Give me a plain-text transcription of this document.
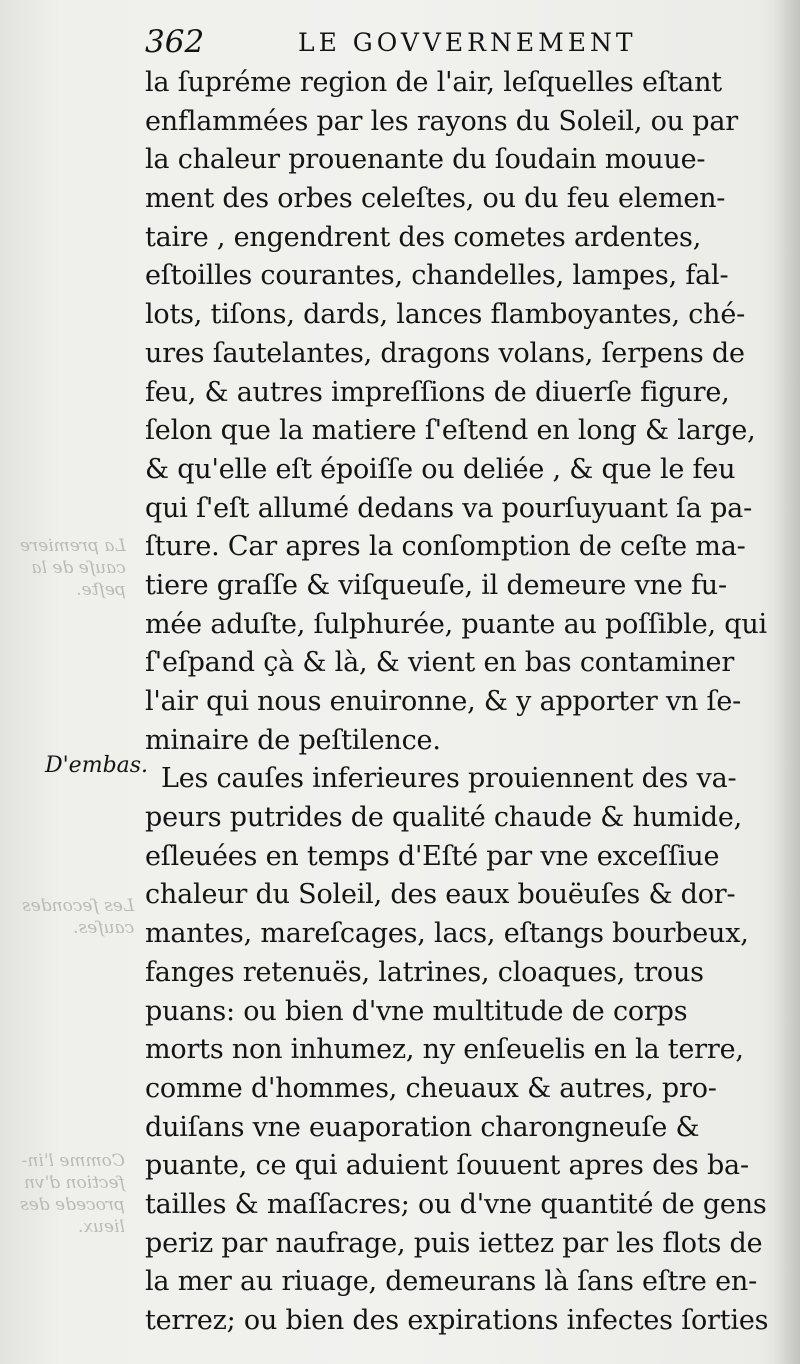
La premiere
cauſe de la
peſte.
Les ſecondes
cauſes.
Comme l'in-
fection d'vn
procede des
lieux.
362	LE GOVVERNEMENT
D'embas.
la ſupréme region de l'air, leſquelles eſtant
enflammées par les rayons du Soleil, ou par
la chaleur prouenante du ſoudain mouue-
ment des orbes celeſtes, ou du feu elemen-
taire , engendrent des cometes ardentes,
eſtoilles courantes, chandelles, lampes, fal-
lots, tiſons, dards, lances flamboyantes, ché-
ures ſautelantes, dragons volans, ſerpens de
feu, & autres impreſſions de diuerſe figure,
ſelon que la matiere ſ'eſtend en long & large,
& qu'elle eſt époiſſe ou deliée , & que le feu
qui ſ'eſt allumé dedans va pourſuyuant ſa pa-
ſture. Car apres la conſomption de ceſte ma-
tiere graſſe & viſqueuſe, il demeure vne fu-
mée aduſte, ſulphurée, puante au poſſible, qui
ſ'eſpand çà & là, & vient en bas contaminer
l'air qui nous enuironne, & y apporter vn ſe-
minaire de peſtilence.
Les cauſes inferieures prouiennent des va-
peurs putrides de qualité chaude & humide,
eſleuées en temps d'Eſté par vne exceſſiue
chaleur du Soleil, des eaux bouëuſes & dor-
mantes, mareſcages, lacs, eſtangs bourbeux,
fanges retenuës, latrines, cloaques, trous
puans: ou bien d'vne multitude de corps
morts non inhumez, ny enſeuelis en la terre,
comme d'hommes, cheuaux & autres, pro-
duiſans vne euaporation charongneuſe &
puante, ce qui aduient ſouuent apres des ba-
tailles & maſſacres; ou d'vne quantité de gens
periz par naufrage, puis iettez par les flots de
la mer au riuage, demeurans là ſans eſtre en-
terrez; ou bien des expirations infectes ſorties
